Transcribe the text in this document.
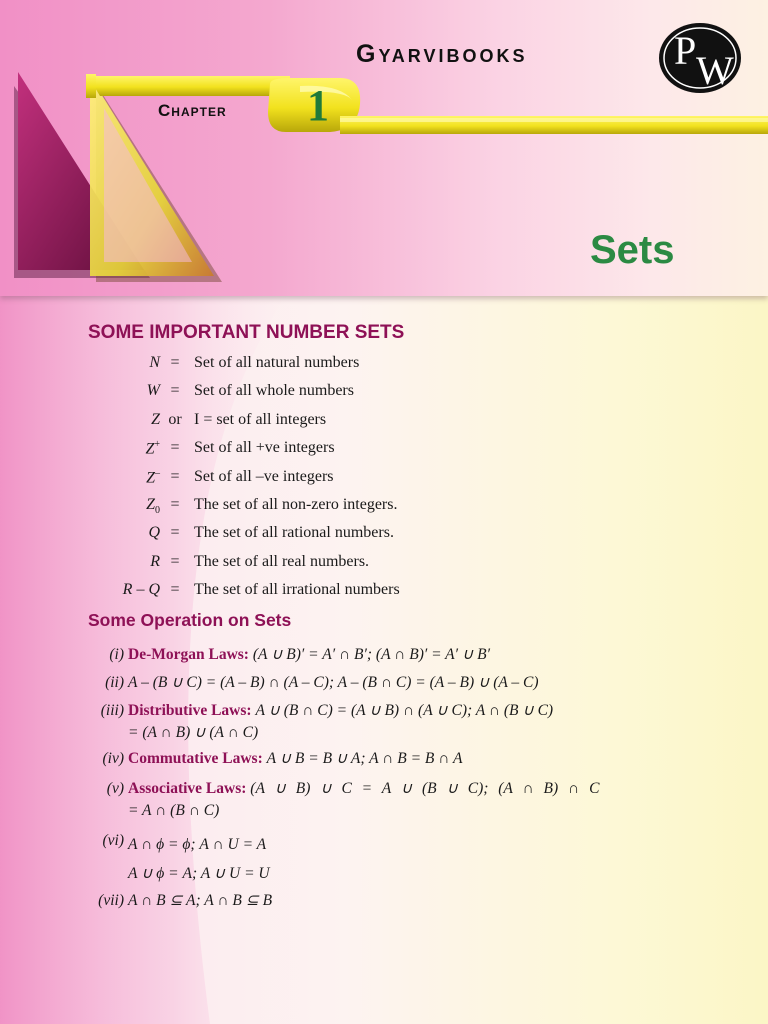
Gyarvibooks	P W
Chapter 1
Sets
SOME IMPORTANT NUMBER SETS
N = Set of all natural numbers
W = Set of all whole numbers
Z or I = set of all integers
Z+ = Set of all +ve integers
Z– = Set of all –ve integers
$Z_0$ = The set of all non-zero integers.
Q = The set of all rational numbers.
R = The set of all real numbers.
R – Q = The set of all irrational numbers
Some Operation on Sets
(i) De-Morgan Laws: (A ∪ B)′ = A′ ∩ B′; (A ∩ B)′ = A′ ∪ B′
(ii) A – (B ∪ C) = (A – B) ∩ (A – C); A – (B ∩ C) = (A – B) ∪ (A – C)
(iii) Distributive Laws: A ∪ (B ∩ C) = (A ∪ B) ∩ (A ∪ C); A ∩ (B ∪ C)
= (A ∩ B) ∪ (A ∩ C)
(iv) Commutative Laws: A ∪ B = B ∪ A; A ∩ B = B ∩ A
(v) Associative Laws: (A ∪ B) ∪ C = A ∪ (B ∪ C); (A ∩ B) ∩ C
= A ∩ (B ∩ C)
(vi) A ∩ ϕ = ϕ; A ∩ U = A
A ∪ ϕ = A; A ∪ U = U
(vii) A ∩ B ⊆ A; A ∩ B ⊆ B
